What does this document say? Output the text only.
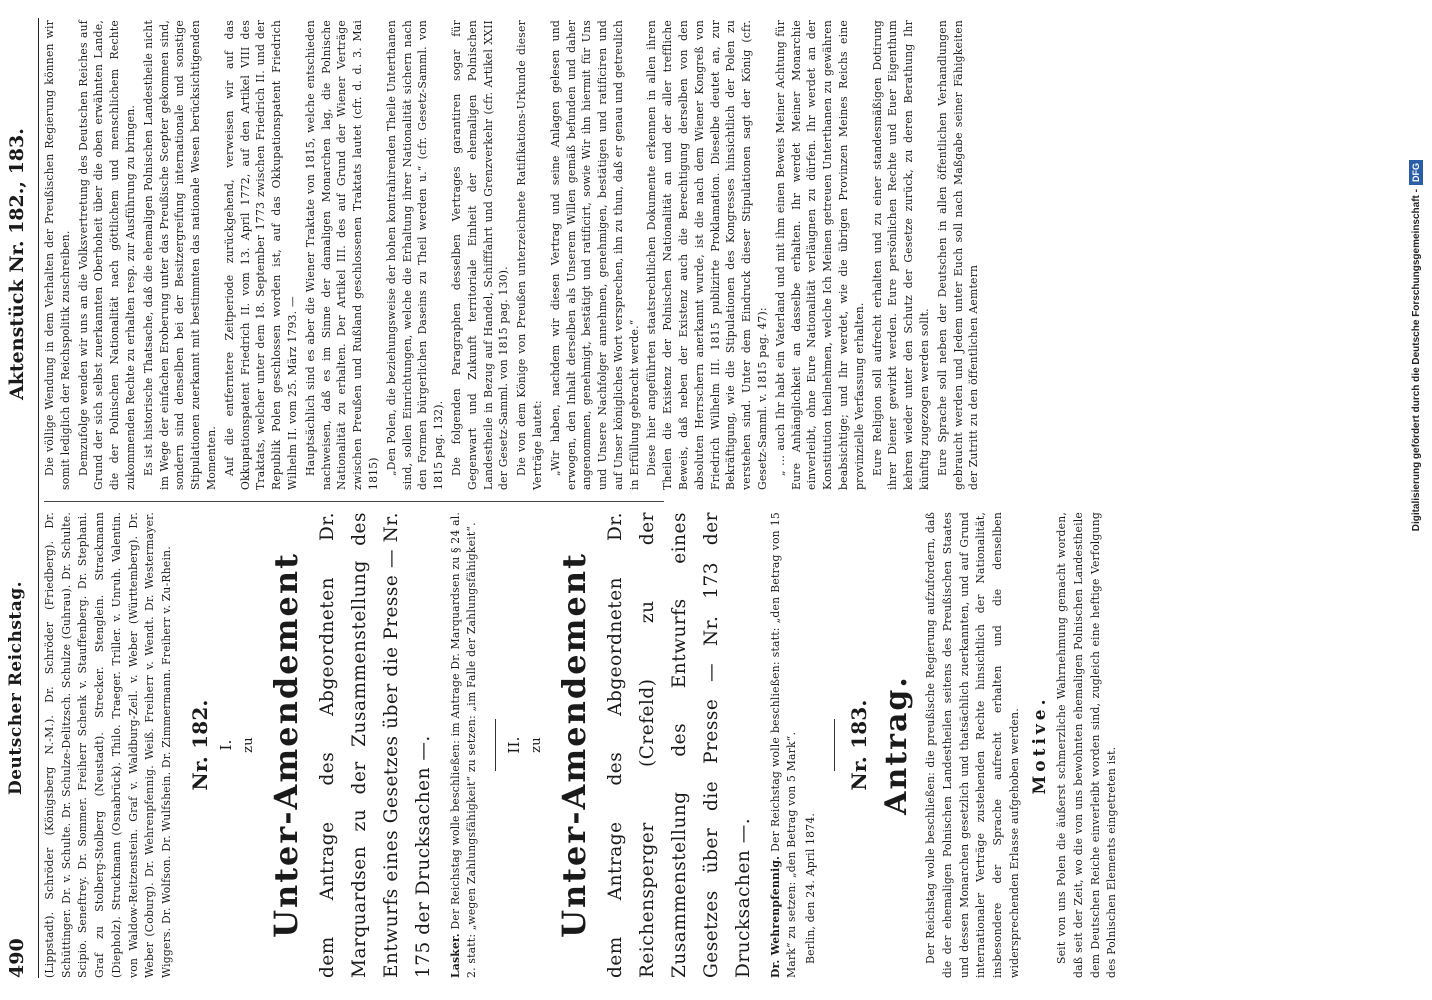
490
Deutscher Reichstag.
Aktenstück Nr. 182., 183.

(Lippstadt). Schröder (Königsberg N.-M.). Dr. Schröder (Friedberg). Dr. Schüttinger. Dr. v. Schulte. Dr. Schulze-Delitzsch. Schulze (Guhrau). Dr. Schulte. Scipio. Seneftrey. Dr. Sommer. Freiherr Schenk v. Stauffenberg. Dr. Stephani. Graf zu Stolberg-Stolberg (Neustadt). Strecker. Stenglein. Strackmann (Diepholz). Struckmann (Osnabrück). Thilo. Traeger. Triller. v. Unruh. Valentin. von Waldow-Reitzenstein. Graf v. Waldburg-Zeil. v. Weber (Württemberg). Dr. Weber (Coburg). Dr. Wehrenpfennig. Weiß. Freiherr v. Wendt. Dr. Westermayer. Wiggers. Dr. Wolfson. Dr. Wulfshein. Dr. Zimmermann. Freiherr v. Zu-Rhein. Nr. 182. I. zu Unter-Amendement dem Antrage des Abgeordneten Dr. Marquardsen zu der Zusammenstellung des Entwurfs eines Gesetzes über die Presse — Nr. 175 der Drucksachen —.	Lasker. Der Reichstag wolle beschließen: im Antrage Dr. Marquardsen zu § 24 al. 2. statt: „wegen Zahlungsfähigkeit“ zu setzen: „im Falle der Zahlungsfähigkeit“. II. zu Unter-Amendement dem Antrage des Abgeordneten Dr. Reichensperger (Crefeld) zu der Zusammenstellung des Entwurfs eines Gesetzes über die Presse — Nr. 173 der Drucksachen —.	Dr. Wehrenpfennig. Der Reichstag wolle beschließen: statt: „den Betrag von 15 Mark“ zu setzen: „den Betrag von 5 Mark“. Berlin, den 24. April 1874.

Nr. 183. Antrag. Der Reichstag wolle beschließen: die preußische Regierung aufzufordern, daß die der ehemaligen Polnischen Landestheilen seitens des Preußischen Staates und dessen Monarchen gesetzlich und thatsächlich zuerkannten, und auf Grund internationaler Verträge zustehenden Rechte hinsichtlich der Nationalität, insbesondere der Sprache aufrecht erhalten und die denselben widersprechenden Erlasse aufgehoben werden. Motive. Seit von uns Polen die äußerst schmerzliche Wahrnehmung gemacht worden, daß seit der Zeit, wo die von uns bewohnten ehemaligen Polnischen Landestheile dem Deutschen Reiche einverleibt worden sind, zugleich eine heftige Verfolgung des Polnischen Elements eingetreten ist.

Die völlige Wendung in dem Verhalten der Preußischen Regierung können wir somit lediglich der Reichspolitik zuschreiben. Demzufolge wenden wir uns an die Volksvertretung des Deutschen Reiches auf Grund der sich selbst zuerkannten Oberhoheit über die oben erwähnten Lande, die der Polnischen Nationalität nach göttlichem und menschlichem Rechte zukommenden Rechte zu erhalten resp. zur Ausführung zu bringen. Es ist historische Thatsache, daß die ehemaligen Polnischen Landestheile nicht im Wege der einfachen Eroberung unter das Preußische Scepter gekommen sind, sondern sind denselben bei der Besitzergreifung internationale und sonstige Stipulationen zuerkannt mit bestimmten das nationale Wesen berücksichtigenden Momenten. Auf die entferntere Zeitperiode zurückgehend, verweisen wir auf das Okkupationspatent Friedrich II. vom 13. April 1772, auf den Artikel VIII des Traktats, welcher unter dem 18. September 1773 zwischen Friedrich II. und der Republik Polen geschlossen worden ist, auf das Okkupationspatent Friedrich Wilhelm II. vom 25. März 1793. — Hauptsächlich sind es aber die Wiener Traktate von 1815, welche entschieden nachweisen, daß es im Sinne der damaligen Monarchen lag, die Polnische Nationalität zu erhalten. Der Artikel III. des auf Grund der Wiener Verträge zwischen Preußen und Rußland geschlossenen Traktats lautet (cfr. d. d. 3. Mai 1815) „Den Polen, die beziehungsweise der hohen kontrahirenden Theile Unterthanen sind, sollen Einrichtungen, welche die Erhaltung ihrer Nationalität sichern nach den Formen bürgerlichen Daseins zu Theil werden u.“ (cfr. Gesetz-Samml. von 1815 pag. 132). Die folgenden Paragraphen desselben Vertrages garantiren sogar für Gegenwart und Zukunft territoriale Einheit der ehemaligen Polnischen Landestheile in Bezug auf Handel, Schifffahrt und Grenzverkehr (cfr. Artikel XXII der Gesetz-Samml. von 1815 pag. 130). Die von dem Könige von Preußen unterzeichnete Ratifikations-Urkunde dieser Verträge lautet: „Wir haben, nachdem wir diesen Vertrag und seine Anlagen gelesen und erwogen, den Inhalt derselben als Unserem Willen gemäß befunden und daher angenommen, genehmigt, bestätigt und ratificirt, sowie Wir ihn hiermit für Uns und Unsere Nachfolger annehmen, genehmigen, bestätigen und ratificiren und auf Unser königliches Wort versprechen, ihn zu thun, daß er genau und getreulich in Erfüllung gebracht werde.“ Diese hier angeführten staatsrechtlichen Dokumente erkennen in allen ihren Theilen die Existenz der Polnischen Nationalität an und der aller treffliche Beweis, daß neben der Existenz auch die Berechtigung derselben von den absoluten Herrschern anerkannt wurde, ist die nach dem Wiener Kongreß von Friedrich Wilhelm III. 1815 publizirte Proklamation. Dieselbe deutet an, zur Bekräftigung, wie die Stipulationen des Kongresses hinsichtlich der Polen zu verstehen sind. Unter dem Eindruck dieser Stipulationen sagt der König (cfr. Gesetz-Samml. v. 1815 pag. 47): „ … auch Ihr habt ein Vaterland und mit ihm einen Beweis Meiner Achtung für Eure Anhänglichkeit an dasselbe erhalten. Ihr werdet Meiner Monarchie einverleibt, ohne Eure Nationalität verläugnen zu dürfen. Ihr werdet an der Konstitution theilnehmen, welche Ich Meinen getreuen Unterthanen zu gewähren beabsichtige; und Ihr werdet, wie die übrigen Provinzen Meines Reichs eine provinzielle Verfassung erhalten. Eure Religion soll aufrecht erhalten und zu einer standesmäßigen Dotirung ihrer Diener gewirkt werden. Eure persönlichen Rechte und Euer Eigenthum kehren wieder unter den Schutz der Gesetze zurück, zu deren Berathung Ihr künftig zugezogen werden sollt. Eure Sprache soll neben der Deutschen in allen öffentlichen Verhandlungen gebraucht werden und Jedem unter Euch soll nach Maßgabe seiner Fähigkeiten der Zutritt zu den öffentlichen Aemtern	Digitalisierung gefördert durch die Deutsche Forschungsgemeinschaft -
DFG
